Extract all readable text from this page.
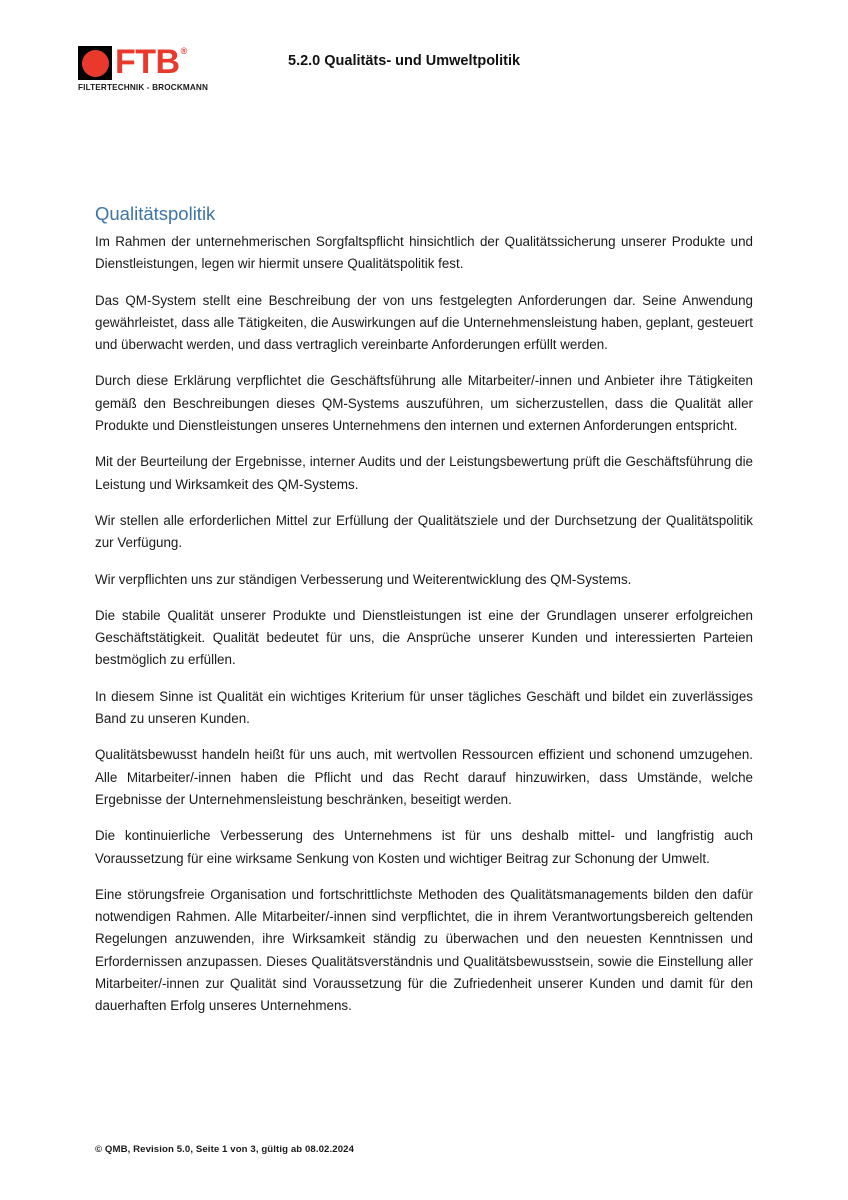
FTB ®
FILTERTECHNIK - BROCKMANN
5.2.0 Qualitäts- und Umweltpolitik
Qualitätspolitik

Im Rahmen der unternehmerischen Sorgfaltspflicht hinsichtlich der Qualitätssicherung unserer Produkte und Dienstleistungen, legen wir hiermit unsere Qualitätspolitik fest.

Das QM-System stellt eine Beschreibung der von uns festgelegten Anforderungen dar. Seine Anwendung gewährleistet, dass alle Tätigkeiten, die Auswirkungen auf die Unternehmensleistung haben, geplant, gesteuert und überwacht werden, und dass vertraglich vereinbarte Anforderungen erfüllt werden.

Durch diese Erklärung verpflichtet die Geschäftsführung alle Mitarbeiter/-innen und Anbieter ihre Tätigkeiten gemäß den Beschreibungen dieses QM-Systems auszuführen, um sicherzustellen, dass die Qualität aller Produkte und Dienstleistungen unseres Unternehmens den internen und externen Anforderungen entspricht.

Mit der Beurteilung der Ergebnisse, interner Audits und der Leistungsbewertung prüft die Geschäftsführung die Leistung und Wirksamkeit des QM-Systems.

Wir stellen alle erforderlichen Mittel zur Erfüllung der Qualitätsziele und der Durchsetzung der Qualitätspolitik zur Verfügung.

Wir verpflichten uns zur ständigen Verbesserung und Weiterentwicklung des QM-Systems.

Die stabile Qualität unserer Produkte und Dienstleistungen ist eine der Grundlagen unserer erfolgreichen Geschäftstätigkeit. Qualität bedeutet für uns, die Ansprüche unserer Kunden und interessierten Parteien bestmöglich zu erfüllen.

In diesem Sinne ist Qualität ein wichtiges Kriterium für unser tägliches Geschäft und bildet ein zuverlässiges Band zu unseren Kunden.

Qualitätsbewusst handeln heißt für uns auch, mit wertvollen Ressourcen effizient und schonend umzugehen. Alle Mitarbeiter/-innen haben die Pflicht und das Recht darauf hinzuwirken, dass Umstände, welche Ergebnisse der Unternehmensleistung beschränken, beseitigt werden.

Die kontinuierliche Verbesserung des Unternehmens ist für uns deshalb mittel- und langfristig auch Voraussetzung für eine wirksame Senkung von Kosten und wichtiger Beitrag zur Schonung der Umwelt.

Eine störungsfreie Organisation und fortschrittlichste Methoden des Qualitätsmanagements bilden den dafür notwendigen Rahmen. Alle Mitarbeiter/-innen sind verpflichtet, die in ihrem Verantwortungsbereich geltenden Regelungen anzuwenden, ihre Wirksamkeit ständig zu überwachen und den neuesten Kenntnissen und Erfordernissen anzupassen. Dieses Qualitätsverständnis und Qualitätsbewusstsein, sowie die Einstellung aller Mitarbeiter/-innen zur Qualität sind Voraussetzung für die Zufriedenheit unserer Kunden und damit für den dauerhaften Erfolg unseres Unternehmens.

© QMB, Revision 5.0, Seite 1 von 3, gültig ab 08.02.2024
